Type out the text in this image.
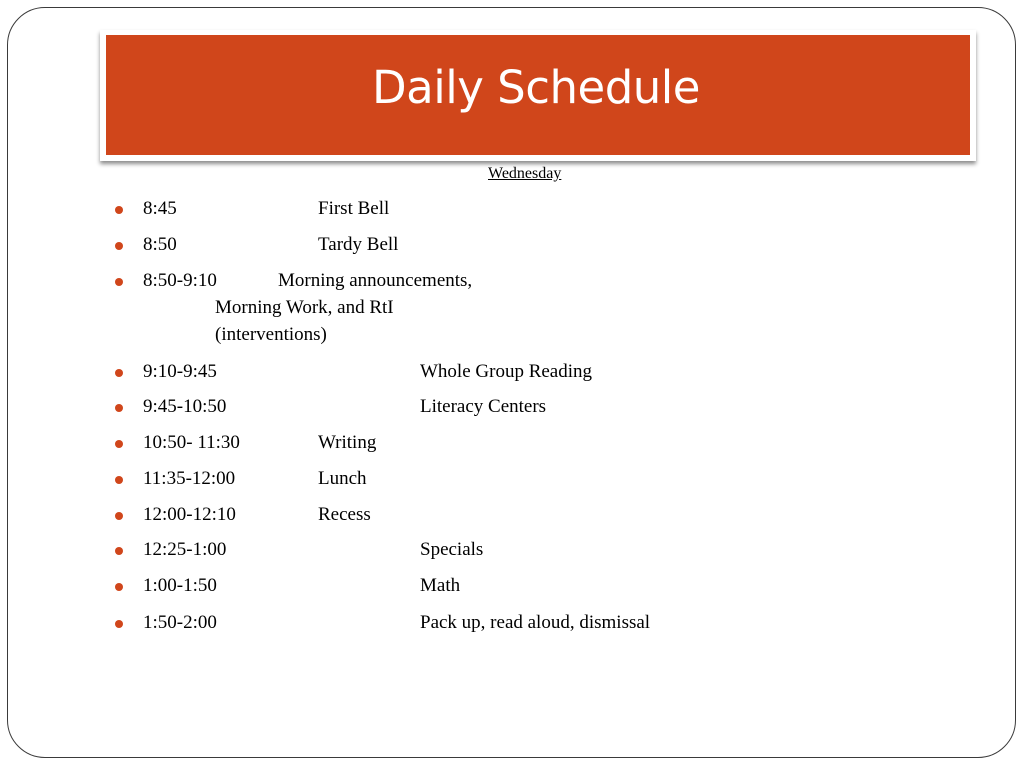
Daily Schedule
Wednesday
8:45	First Bell
8:50	Tardy Bell
8:50-9:10	Morning announcements,
Morning Work, and RtI
(interventions)
9:10-9:45	Whole Group Reading
9:45-10:50	Literacy Centers
10:50- 11:30	Writing
11:35-12:00	Lunch
12:00-12:10	Recess
12:25-1:00	Specials
1:00-1:50	Math
1:50-2:00	Pack up, read aloud, dismissal
